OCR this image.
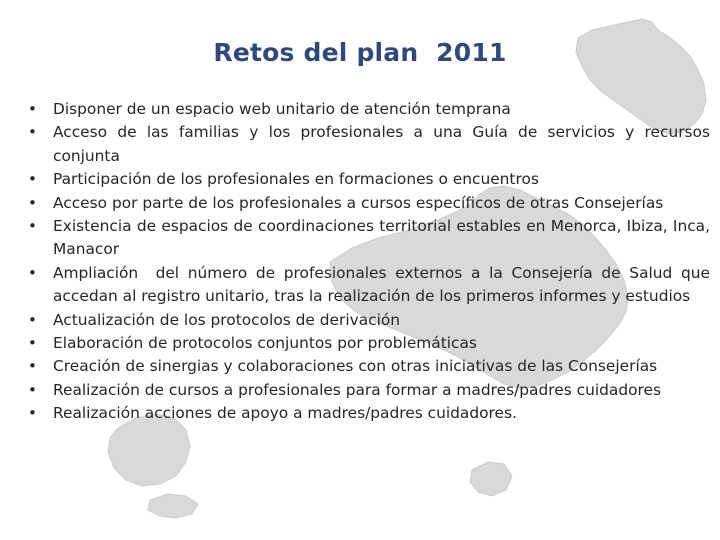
Retos del plan  2011
•	Disponer de un espacio web unitario de atención temprana
•	Acceso de las familias y los profesionales a una Guía de servicios y recursos conjunta
•	Participación de los profesionales en formaciones o encuentros
•	Acceso por parte de los profesionales a cursos específicos de otras Consejerías
•	Existencia de espacios de coordinaciones territorial estables en Menorca, Ibiza, Inca, Manacor
•	Ampliación  del número de profesionales externos a la Consejería de Salud que accedan al registro unitario, tras la realización de los primeros informes y estudios
•	Actualización de los protocolos de derivación
•	Elaboración de protocolos conjuntos por problemáticas
•	Creación de sinergias y colaboraciones con otras iniciativas de las Consejerías
•	Realización de cursos a profesionales para formar a madres/padres cuidadores
•	Realización acciones de apoyo a madres/padres cuidadores.
